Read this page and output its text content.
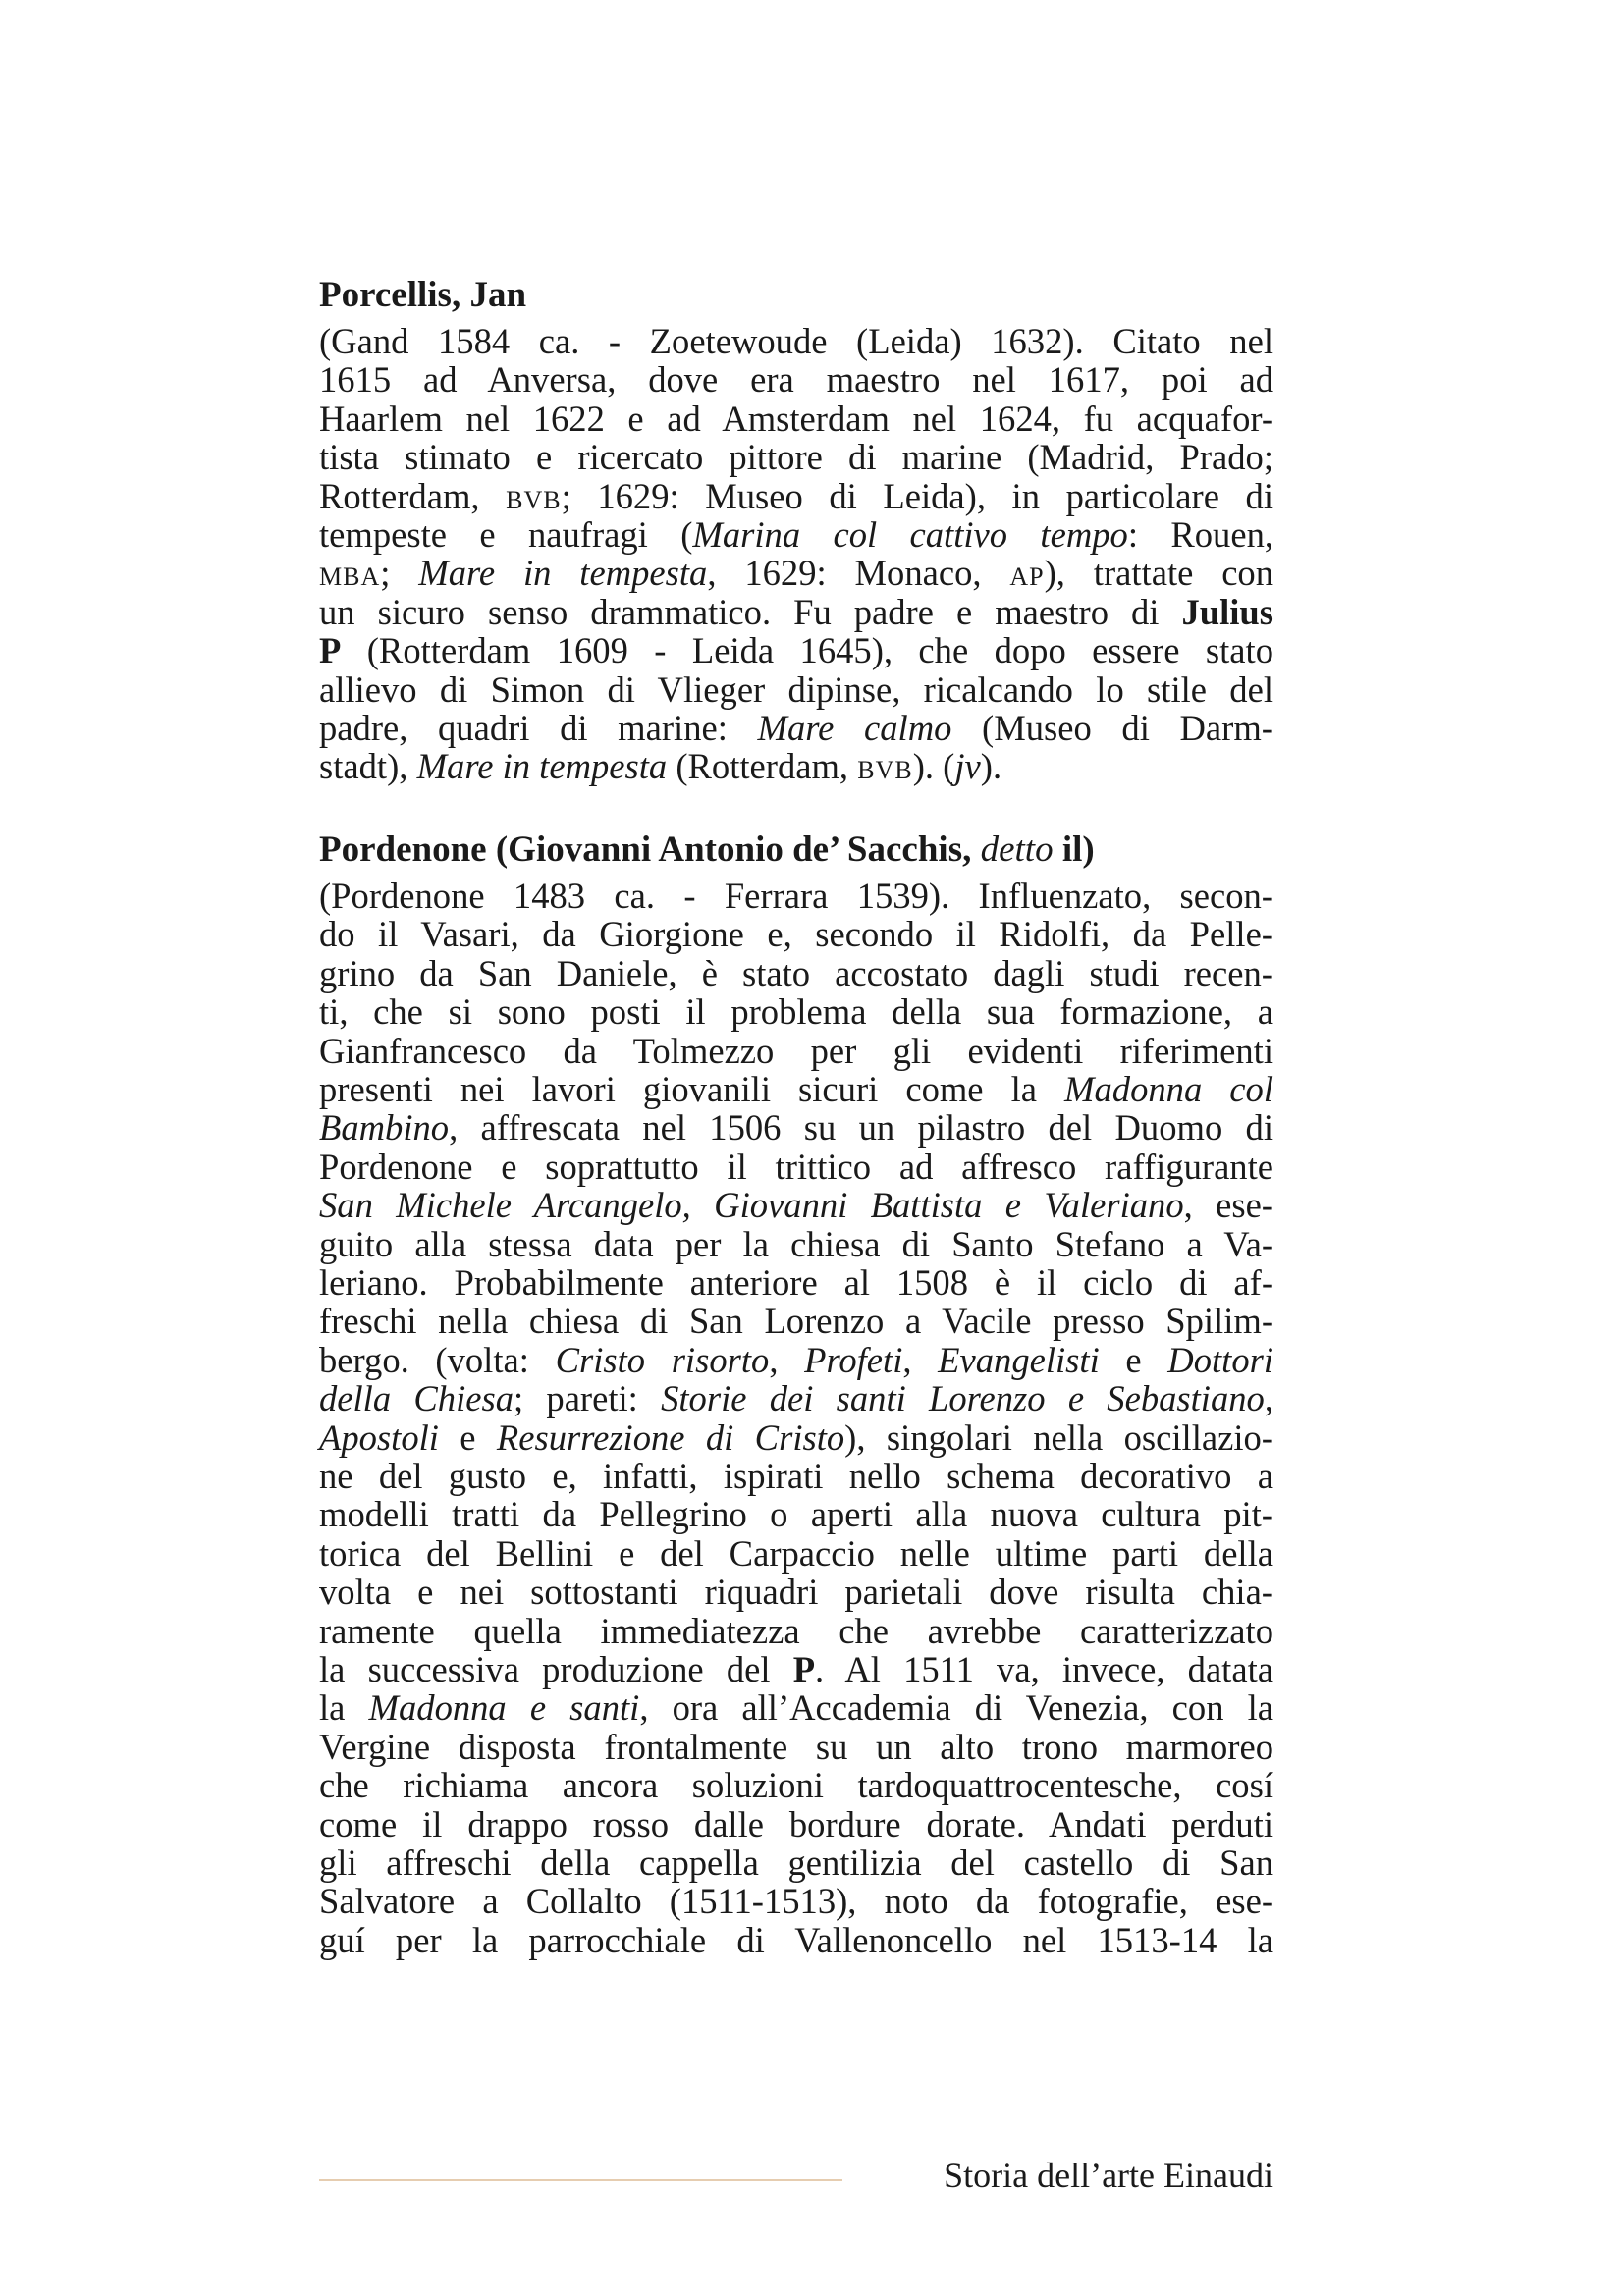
Porcellis, Jan
(Gand 1584 ca. - Zoetewoude (Leida) 1632). Citato nel
1615 ad Anversa, dove era maestro nel 1617, poi ad
Haarlem nel 1622 e ad Amsterdam nel 1624, fu acquafor-
tista stimato e ricercato pittore di marine (Madrid, Prado;
Rotterdam, bvb; 1629: Museo di Leida), in particolare di
tempeste e naufragi (Marina col cattivo tempo: Rouen,
mba; Mare in tempesta, 1629: Monaco, ap), trattate con
un sicuro senso drammatico. Fu padre e maestro di Julius
P (Rotterdam 1609 - Leida 1645), che dopo essere stato
allievo di Simon di Vlieger dipinse, ricalcando lo stile del
padre, quadri di marine: Mare calmo (Museo di Darm-
stadt), Mare in tempesta (Rotterdam, bvb). (jv).
Pordenone (Giovanni Antonio de’ Sacchis, detto il)
(Pordenone 1483 ca. - Ferrara 1539). Influenzato, secon-
do il Vasari, da Giorgione e, secondo il Ridolfi, da Pelle-
grino da San Daniele, è stato accostato dagli studi recen-
ti, che si sono posti il problema della sua formazione, a
Gianfrancesco da Tolmezzo per gli evidenti riferimenti
presenti nei lavori giovanili sicuri come la Madonna col
Bambino, affrescata nel 1506 su un pilastro del Duomo di
Pordenone e soprattutto il trittico ad affresco raffigurante
San Michele Arcangelo, Giovanni Battista e Valeriano, ese-
guito alla stessa data per la chiesa di Santo Stefano a Va-
leriano. Probabilmente anteriore al 1508 è il ciclo di af-
freschi nella chiesa di San Lorenzo a Vacile presso Spilim-
bergo. (volta: Cristo risorto, Profeti, Evangelisti e Dottori
della Chiesa; pareti: Storie dei santi Lorenzo e Sebastiano,
Apostoli e Resurrezione di Cristo), singolari nella oscillazio-
ne del gusto e, infatti, ispirati nello schema decorativo a
modelli tratti da Pellegrino o aperti alla nuova cultura pit-
torica del Bellini e del Carpaccio nelle ultime parti della
volta e nei sottostanti riquadri parietali dove risulta chia-
ramente quella immediatezza che avrebbe caratterizzato
la successiva produzione del P. Al 1511 va, invece, datata
la Madonna e santi, ora all’Accademia di Venezia, con la
Vergine disposta frontalmente su un alto trono marmoreo
che richiama ancora soluzioni tardoquattrocentesche, cosí
come il drappo rosso dalle bordure dorate. Andati perduti
gli affreschi della cappella gentilizia del castello di San
Salvatore a Collalto (1511-1513), noto da fotografie, ese-
guí per la parrocchiale di Vallenoncello nel 1513-14 la
Storia dell’arte Einaudi
